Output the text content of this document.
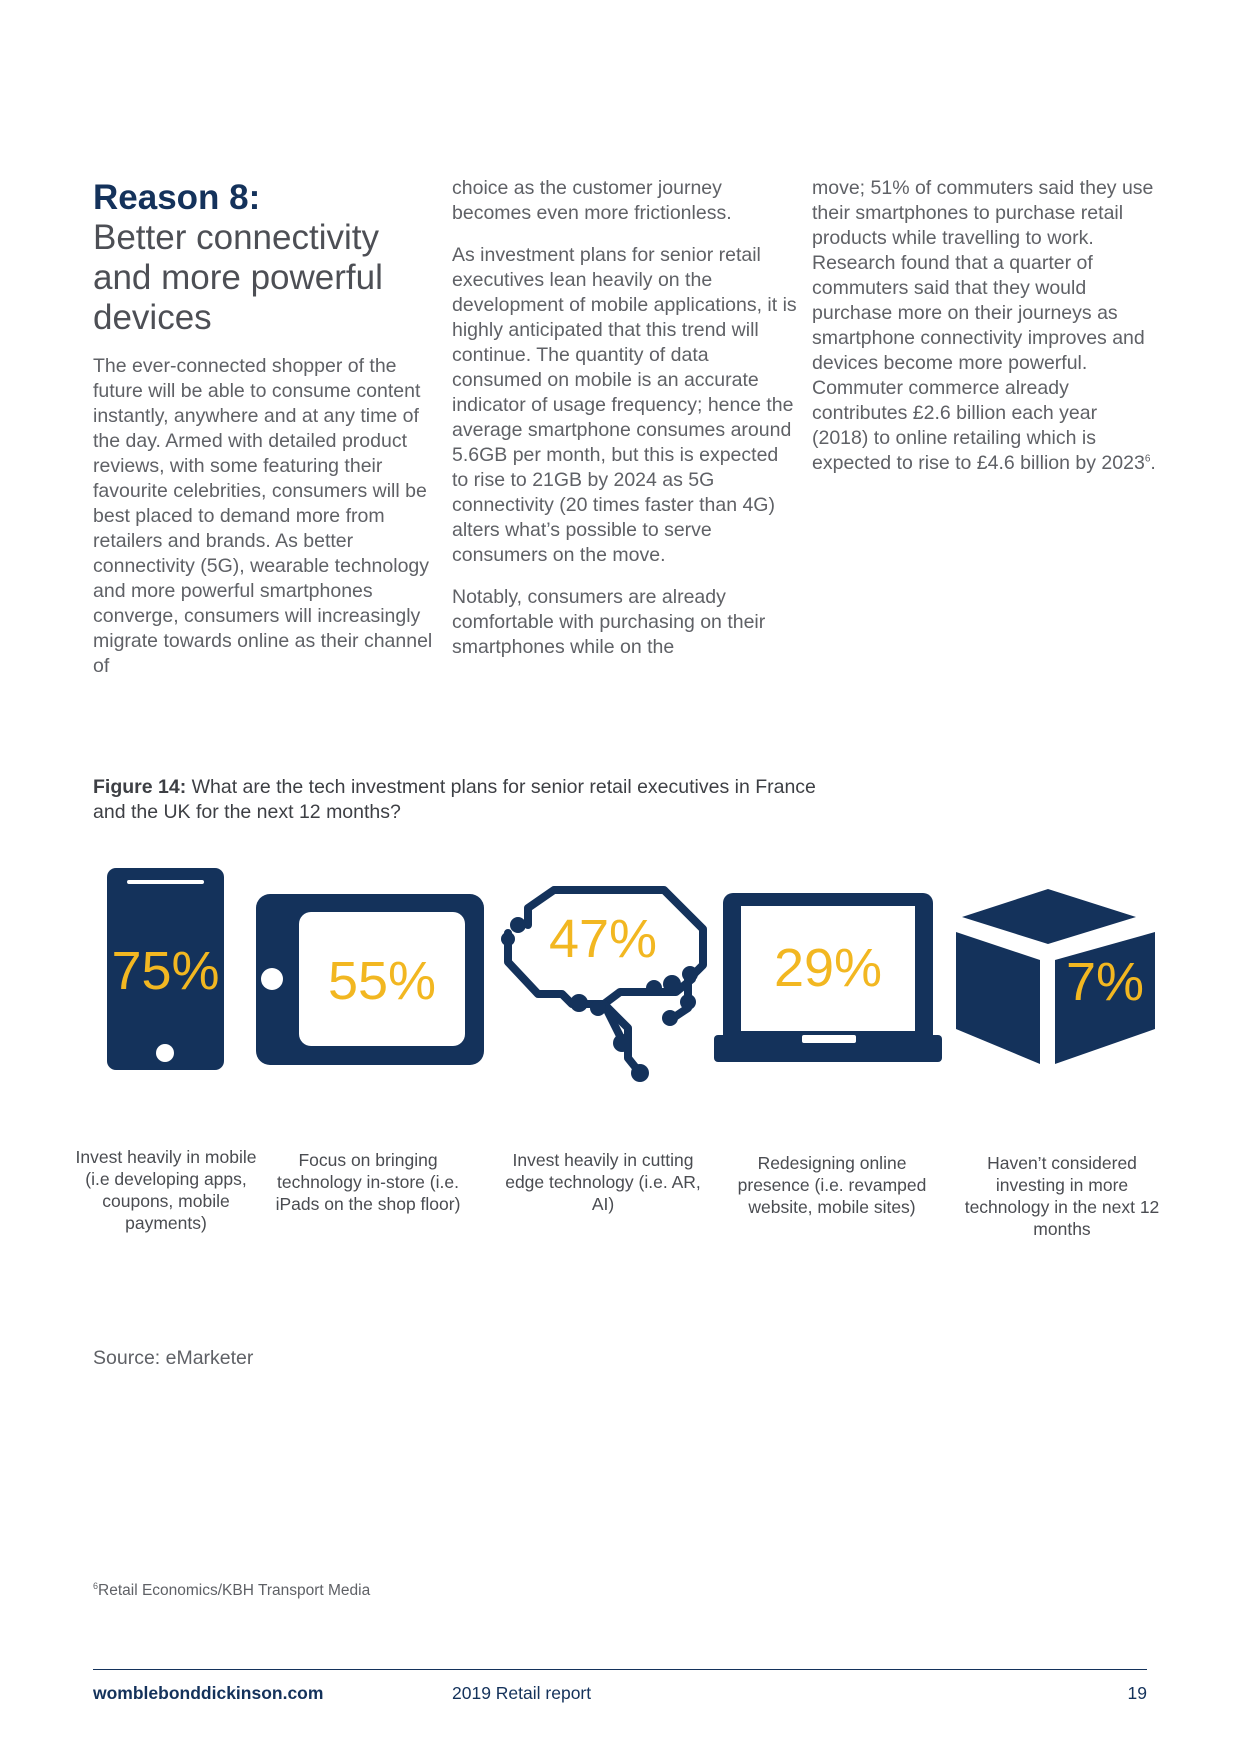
Reason 8:
Better connectivity and more powerful devices

The ever-connected shopper of the future will be able to consume content instantly, anywhere and at any time of the day. Armed with detailed product reviews, with some featuring their favourite celebrities, consumers will be best placed to demand more from retailers and brands. As better connectivity (5G), wearable technology and more powerful smartphones converge, consumers will increasingly migrate towards online as their channel of

choice as the customer journey becomes even more frictionless.

As investment plans for senior retail executives lean heavily on the development of mobile applications, it is highly anticipated that this trend will continue. The quantity of data consumed on mobile is an accurate indicator of usage frequency; hence the average smartphone consumes around 5.6GB per month, but this is expected to rise to 21GB by 2024 as 5G connectivity (20 times faster than 4G) alters what’s possible to serve consumers on the move.

Notably, consumers are already comfortable with purchasing on their smartphones while on the

move; 51% of commuters said they use their smartphones to purchase retail products while travelling to work. Research found that a quarter of commuters said that they would purchase more on their journeys as smartphone connectivity improves and devices become more powerful. Commuter commerce already contributes £2.6 billion each year (2018) to online retailing which is expected to rise to £4.6 billion by 2023$^6$.

Figure 14: What are the tech investment plans for senior retail executives in France and the UK for the next 12 months?
75%	55%
47%	29%	7%
Invest heavily in mobile (i.e developing apps, coupons, mobile payments)
Focus on bringing technology in-store (i.e. iPads on the shop floor)
Invest heavily in cutting edge technology (i.e. AR, AI)
Redesigning online presence (i.e. revamped website, mobile sites)
Haven’t considered investing in more technology in the next 12 months
Source: eMarketer
$^6$Retail Economics/KBH Transport Media
womblebonddickinson.com	2019 Retail report	19
